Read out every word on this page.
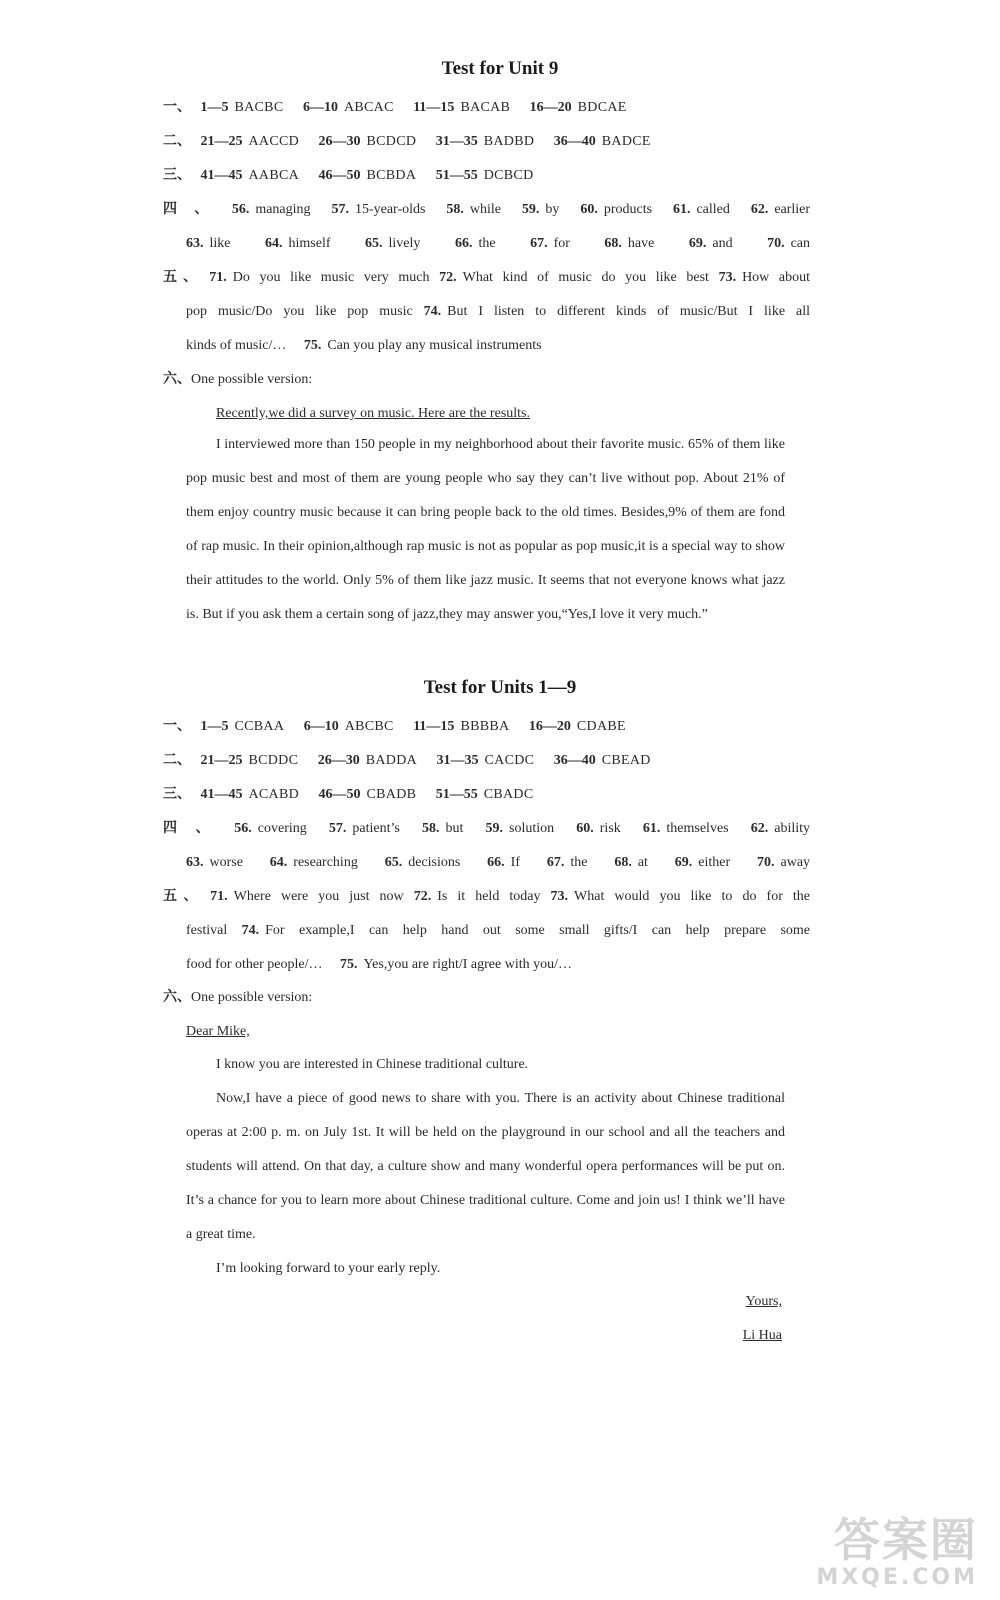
Test for Unit 9
一、 1—5 BACBC 6—10 ABCAC 11—15 BACAB 16—20 BDCAE
二、 21—25 AACCD 26—30 BCDCD 31—35 BADBD 36—40 BADCE
三、 41—45 AABCA 46—50 BCBDA 51—55 DCBCD
四、 56. managing 57. 15-year-olds 58. while 59. by 60. products 61. called 62. earlier
63. like 64. himself 65. lively 66. the 67. for 68. have 69. and 70. can
五、 71. Do you like music very much 72. What kind of music do you like best 73. How about
pop music/Do you like pop music 74. But I listen to different kinds of music/But I like all
kinds of music/… 75. Can you play any musical instruments
六、One possible version:
Recently,we did a survey on music. Here are the results.

I interviewed more than 150 people in my neighborhood about their favorite music. 65% of them like pop music best and most of them are young people who say they can’t live without pop. About 21% of them enjoy country music because it can bring people back to the old times. Besides,9% of them are fond of rap music. In their opinion,although rap music is not as popular as pop music,it is a special way to show their attitudes to the world. Only 5% of them like jazz music. It seems that not everyone knows what jazz is. But if you ask them a certain song of jazz,they may answer you,“Yes,I love it very much.”

Test for Units 1—9
一、 1—5 CCBAA 6—10 ABCBC 11—15 BBBBA 16—20 CDABE
二、 21—25 BCDDC 26—30 BADDA 31—35 CACDC 36—40 CBEAD
三、 41—45 ACABD 46—50 CBADB 51—55 CBADC
四、 56. covering 57. patient’s 58. but 59. solution 60. risk 61. themselves 62. ability
63. worse 64. researching 65. decisions 66. If 67. the 68. at 69. either 70. away
五、 71. Where were you just now 72. Is it held today 73. What would you like to do for the
festival 74. For example,I can help hand out some small gifts/I can help prepare some
food for other people/… 75. Yes,you are right/I agree with you/…
六、One possible version:
Dear Mike,

I know you are interested in Chinese traditional culture.

Now,I have a piece of good news to share with you. There is an activity about Chinese traditional operas at 2:00 p. m. on July 1st. It will be held on the playground in our school and all the teachers and students will attend. On that day, a culture show and many wonderful opera performances will be put on. It’s a chance for you to learn more about Chinese traditional culture. Come and join us! I think we’ll have a great time.

I’m looking forward to your early reply.

Yours,
Li Hua
答案圈
MXQE.COM
